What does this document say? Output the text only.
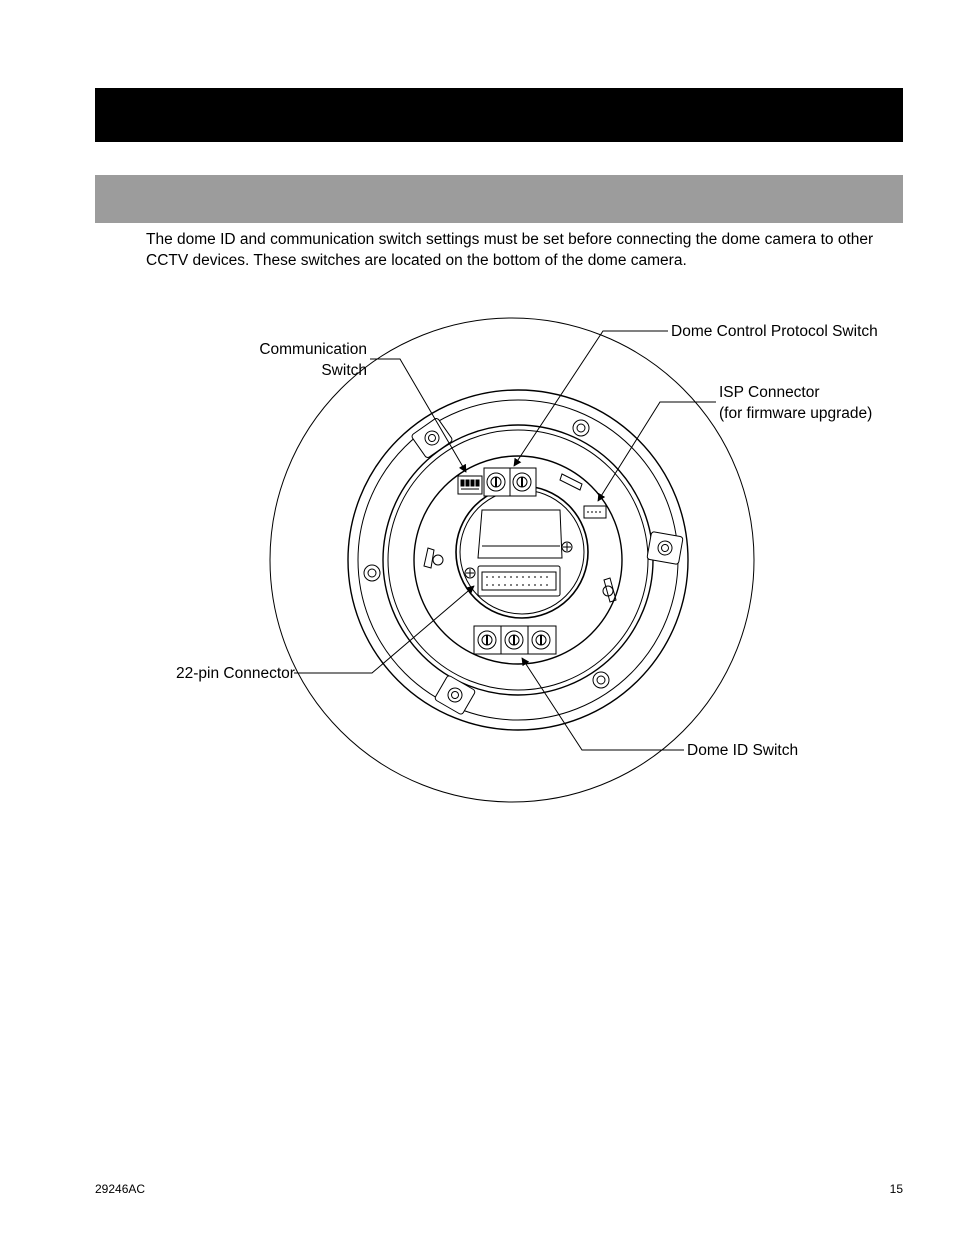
The dome ID and communication switch settings must be set before connecting the dome camera to other
CCTV devices. These switches are located on the bottom of the dome camera.
Communication
Switch
Dome Control Protocol Switch
ISP Connector
(for firmware upgrade)
22-pin Connector
Dome ID Switch
29246AC	15
